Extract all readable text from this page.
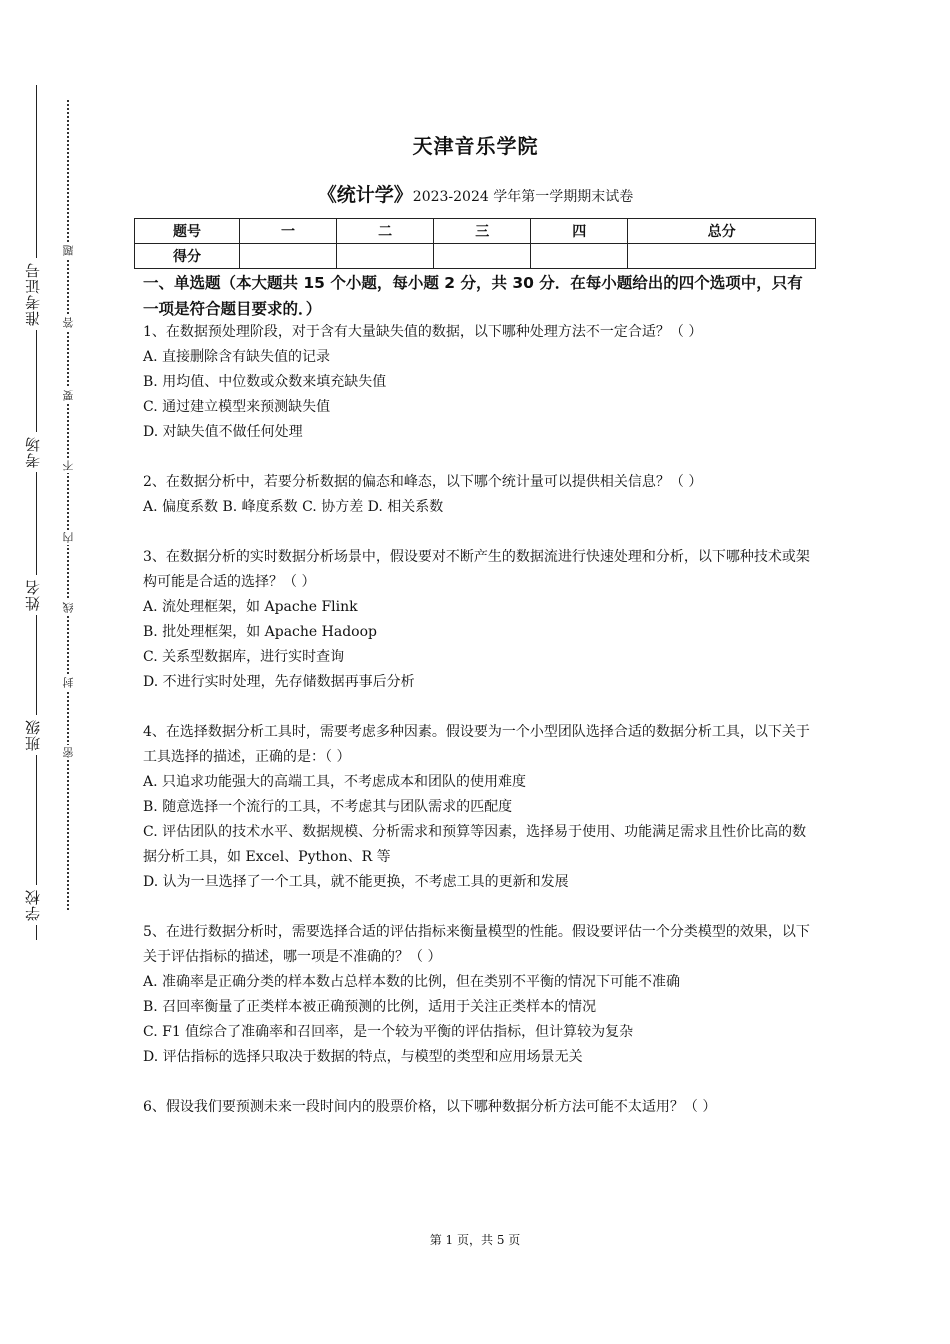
准考证号
考场
姓名
班级
学校
题
答
要
不
内
线
封
密
天津音乐学院
《统计学》2023-2024 学年第一学期期末试卷
题号	一	二	三	四	总分
得分					
一、单选题（本大题共 15 个小题，每小题 2 分，共 30 分．在每小题给出的四个选项中，只有一项是符合题目要求的．）

1、在数据预处理阶段，对于含有大量缺失值的数据，以下哪种处理方法不一定合适？（ ）

A. 直接删除含有缺失值的记录

B. 用均值、中位数或众数来填充缺失值

C. 通过建立模型来预测缺失值

D. 对缺失值不做任何处理

2、在数据分析中，若要分析数据的偏态和峰态，以下哪个统计量可以提供相关信息？（ ）

A. 偏度系数 B. 峰度系数 C. 协方差 D. 相关系数

3、在数据分析的实时数据分析场景中，假设要对不断产生的数据流进行快速处理和分析，以下哪种技术或架构可能是合适的选择？（ ）

A. 流处理框架，如 Apache Flink

B. 批处理框架，如 Apache Hadoop

C. 关系型数据库，进行实时查询

D. 不进行实时处理，先存储数据再事后分析

4、在选择数据分析工具时，需要考虑多种因素。假设要为一个小型团队选择合适的数据分析工具，以下关于工具选择的描述，正确的是：（ ）

A. 只追求功能强大的高端工具，不考虑成本和团队的使用难度

B. 随意选择一个流行的工具，不考虑其与团队需求的匹配度

C. 评估团队的技术水平、数据规模、分析需求和预算等因素，选择易于使用、功能满足需求且性价比高的数据分析工具，如 Excel、Python、R 等

D. 认为一旦选择了一个工具，就不能更换，不考虑工具的更新和发展

5、在进行数据分析时，需要选择合适的评估指标来衡量模型的性能。假设要评估一个分类模型的效果，以下关于评估指标的描述，哪一项是不准确的？（ ）

A. 准确率是正确分类的样本数占总样本数的比例，但在类别不平衡的情况下可能不准确

B. 召回率衡量了正类样本被正确预测的比例，适用于关注正类样本的情况

C. F1 值综合了准确率和召回率，是一个较为平衡的评估指标，但计算较为复杂

D. 评估指标的选择只取决于数据的特点，与模型的类型和应用场景无关

6、假设我们要预测未来一段时间内的股票价格，以下哪种数据分析方法可能不太适用？（ ）

第 1 页，共 5 页
